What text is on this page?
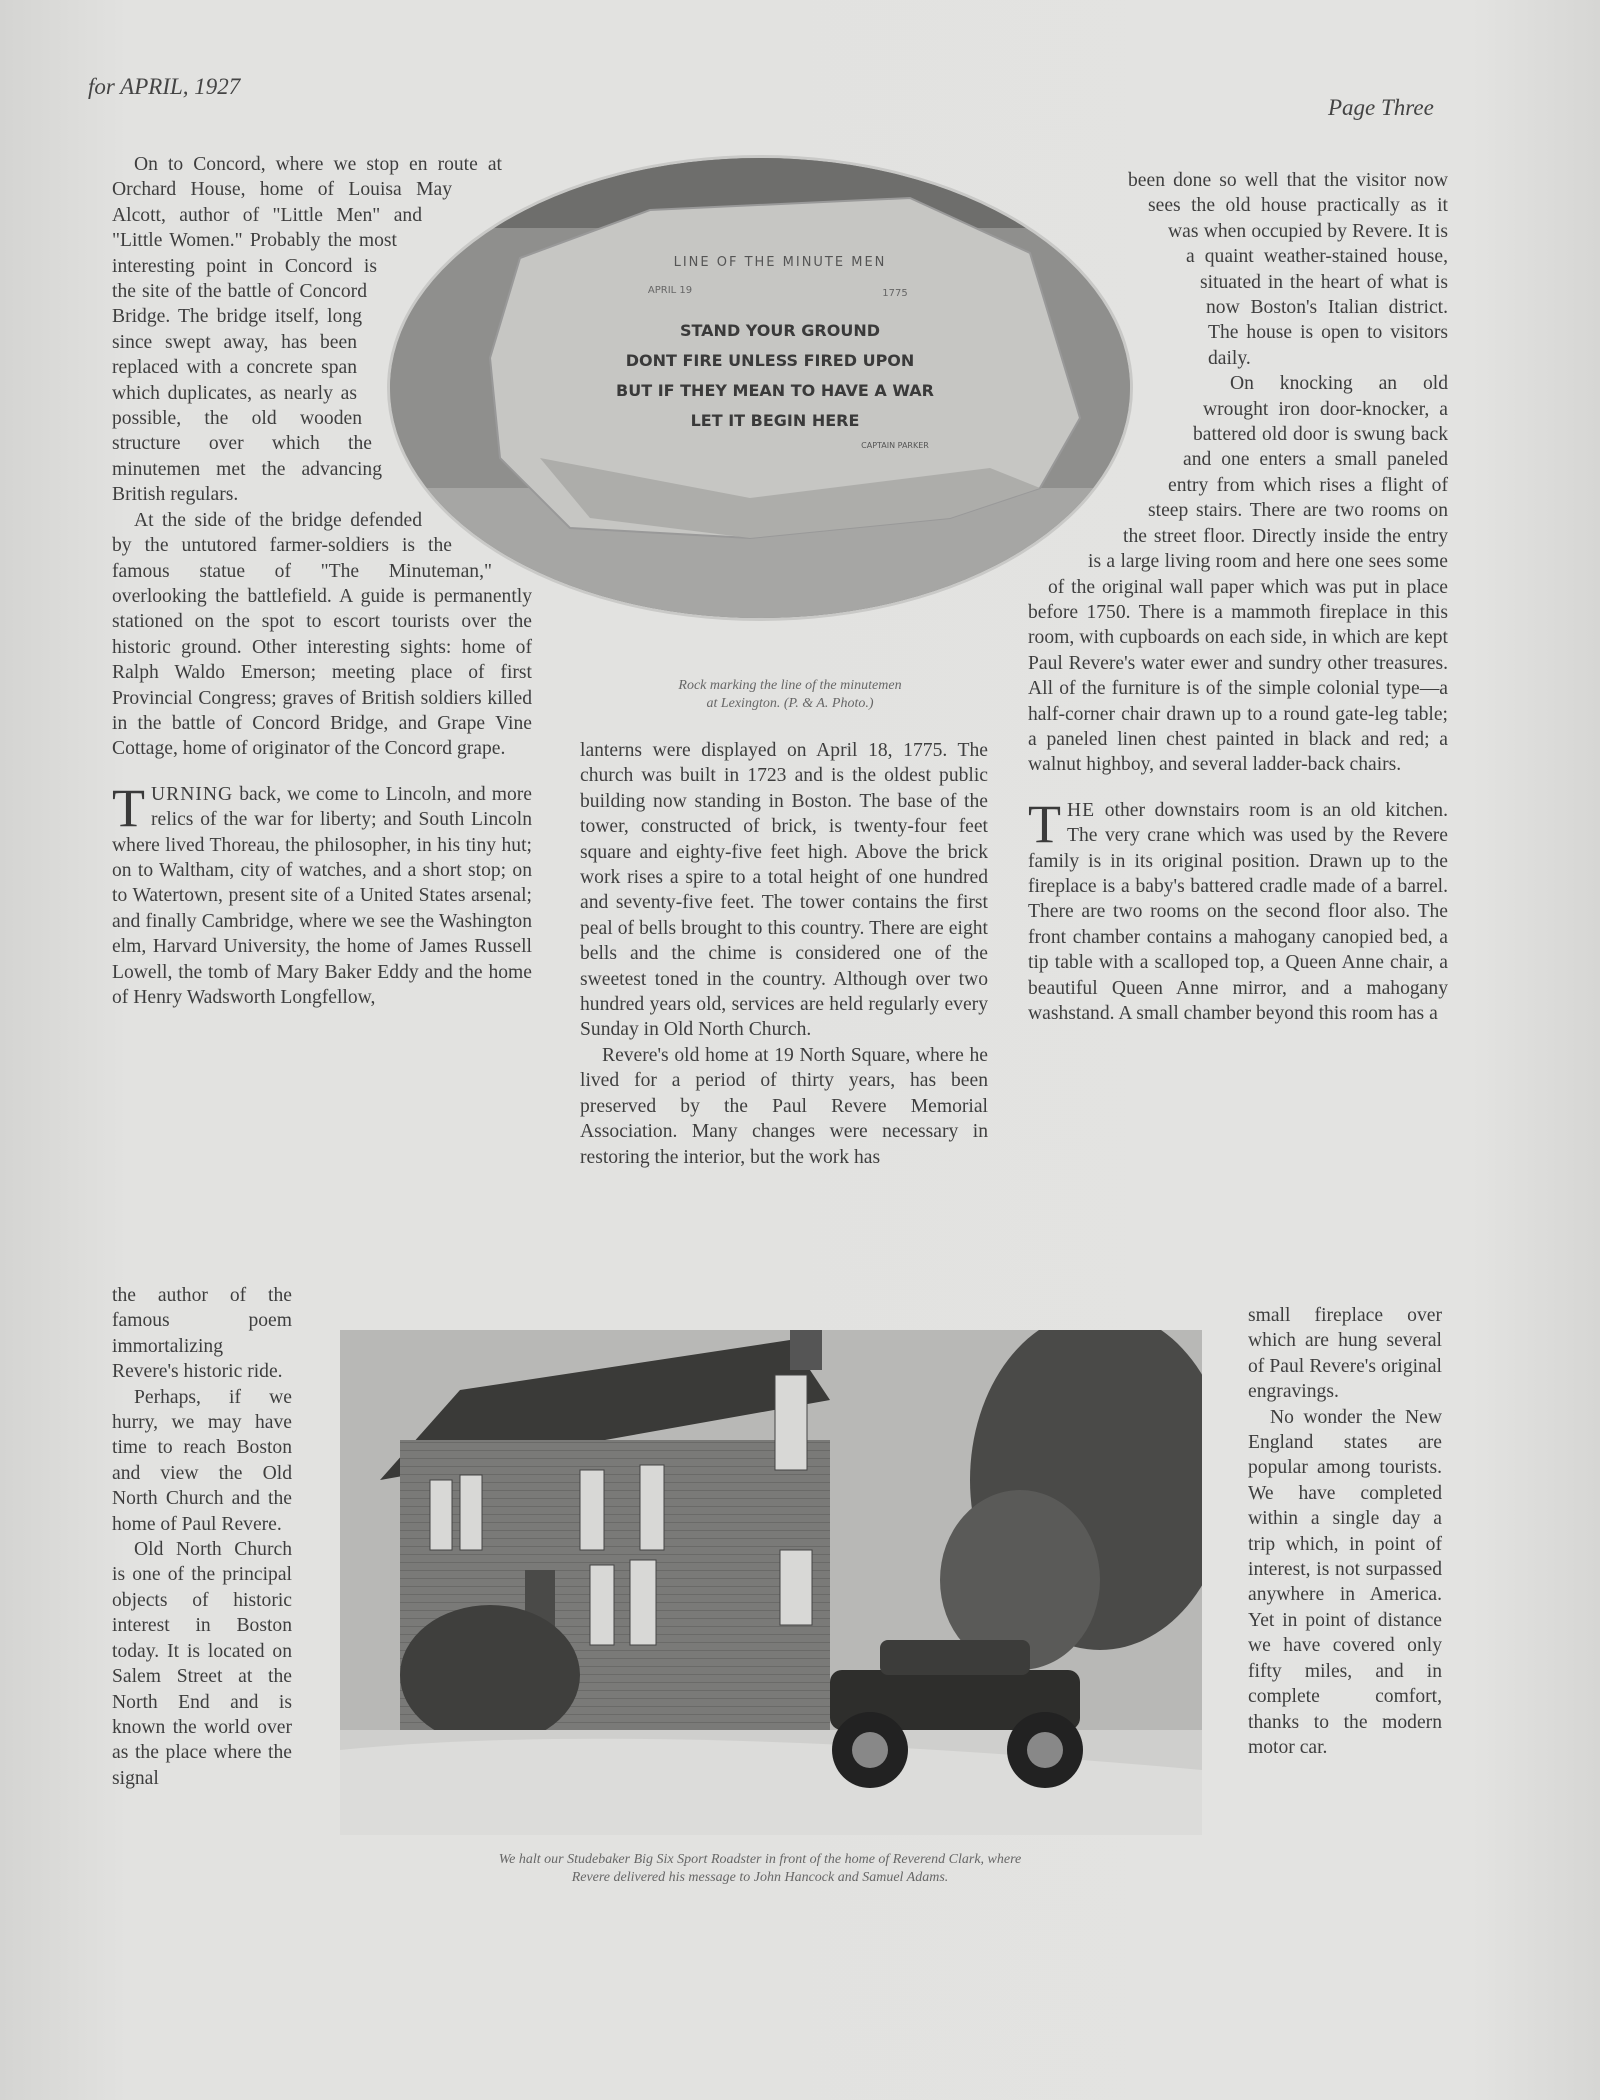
for APRIL, 1927
Page Three
LINE OF THE MINUTE MEN
APRIL 19	1775
STAND YOUR GROUND
DONT FIRE UNLESS FIRED UPON
BUT IF THEY MEAN TO HAVE A WAR
LET IT BEGIN HERE
CAPTAIN PARKER
Rock marking the line of the minutemen
at Lexington. (P. & A. Photo.)

On to Concord, where we stop en route at Orchard House, home of Louisa May Alcott, author of "Little Men" and "Little Women." Probably the most interesting point in Concord is the site of the battle of Concord Bridge. The bridge itself, long since swept away, has been replaced with a concrete span which duplicates, as nearly as possible, the old wooden structure over which the minutemen met the advancing British regulars.

At the side of the bridge defended by the untutored farmer-soldiers is the famous statue of "The Minuteman," overlooking the battlefield. A guide is permanently stationed on the spot to escort tourists over the historic ground. Other interesting sights: home of Ralph Waldo Emerson; meeting place of first Provincial Congress; graves of British soldiers killed in the battle of Concord Bridge, and Grape Vine Cottage, home of originator of the Concord grape.

TURNING back, we come to Lincoln, and more relics of the war for liberty; and South Lincoln where lived Thoreau, the philosopher, in his tiny hut; on to Waltham, city of watches, and a short stop; on to Watertown, present site of a United States arsenal; and finally Cambridge, where we see the Washington elm, Harvard University, the home of James Russell Lowell, the tomb of Mary Baker Eddy and the home of Henry Wadsworth Longfellow,

the author of the famous poem immortalizing Revere's historic ride.

Perhaps, if we hurry, we may have time to reach Boston and view the Old North Church and the home of Paul Revere.

Old North Church is one of the principal objects of historic interest in Boston today. It is located on Salem Street at the North End and is known the world over as the place where the signal

lanterns were displayed on April 18, 1775. The church was built in 1723 and is the oldest public building now standing in Boston. The base of the tower, constructed of brick, is twenty-four feet square and eighty-five feet high. Above the brick work rises a spire to a total height of one hundred and seventy-five feet. The tower contains the first peal of bells brought to this country. There are eight bells and the chime is considered one of the sweetest toned in the country. Although over two hundred years old, services are held regularly every Sunday in Old North Church.

Revere's old home at 19 North Square, where he lived for a period of thirty years, has been preserved by the Paul Revere Memorial Association. Many changes were necessary in restoring the interior, but the work has

been done so well that the visitor now sees the old house practically as it was when occupied by Revere. It is a quaint weather-stained house, situated in the heart of what is now Boston's Italian district. The house is open to visitors daily.

On knocking an old wrought iron door-knocker, a battered old door is swung back and one enters a small paneled entry from which rises a flight of steep stairs. There are two rooms on the street floor. Directly inside the entry is a large living room and here one sees some of the original wall paper which was put in place before 1750. There is a mammoth fireplace in this room, with cupboards on each side, in which are kept Paul Revere's water ewer and sundry other treasures. All of the furniture is of the simple colonial type—a half-corner chair drawn up to a round gate-leg table; a paneled linen chest painted in black and red; a walnut highboy, and several ladder-back chairs.

THE other downstairs room is an old kitchen. The very crane which was used by the Revere family is in its original position. Drawn up to the fireplace is a baby's battered cradle made of a barrel. There are two rooms on the second floor also. The front chamber contains a mahogany canopied bed, a tip table with a scalloped top, a Queen Anne chair, a beautiful Queen Anne mirror, and a mahogany washstand. A small chamber beyond this room has a

small fireplace over which are hung several of Paul Revere's original engravings.

No wonder the New England states are popular among tourists. We have completed within a single day a trip which, in point of interest, is not surpassed anywhere in America. Yet in point of distance we have covered only fifty miles, and in complete comfort, thanks to the modern motor car.

We halt our Studebaker Big Six Sport Roadster in front of the home of Reverend Clark, where
Revere delivered his message to John Hancock and Samuel Adams.
